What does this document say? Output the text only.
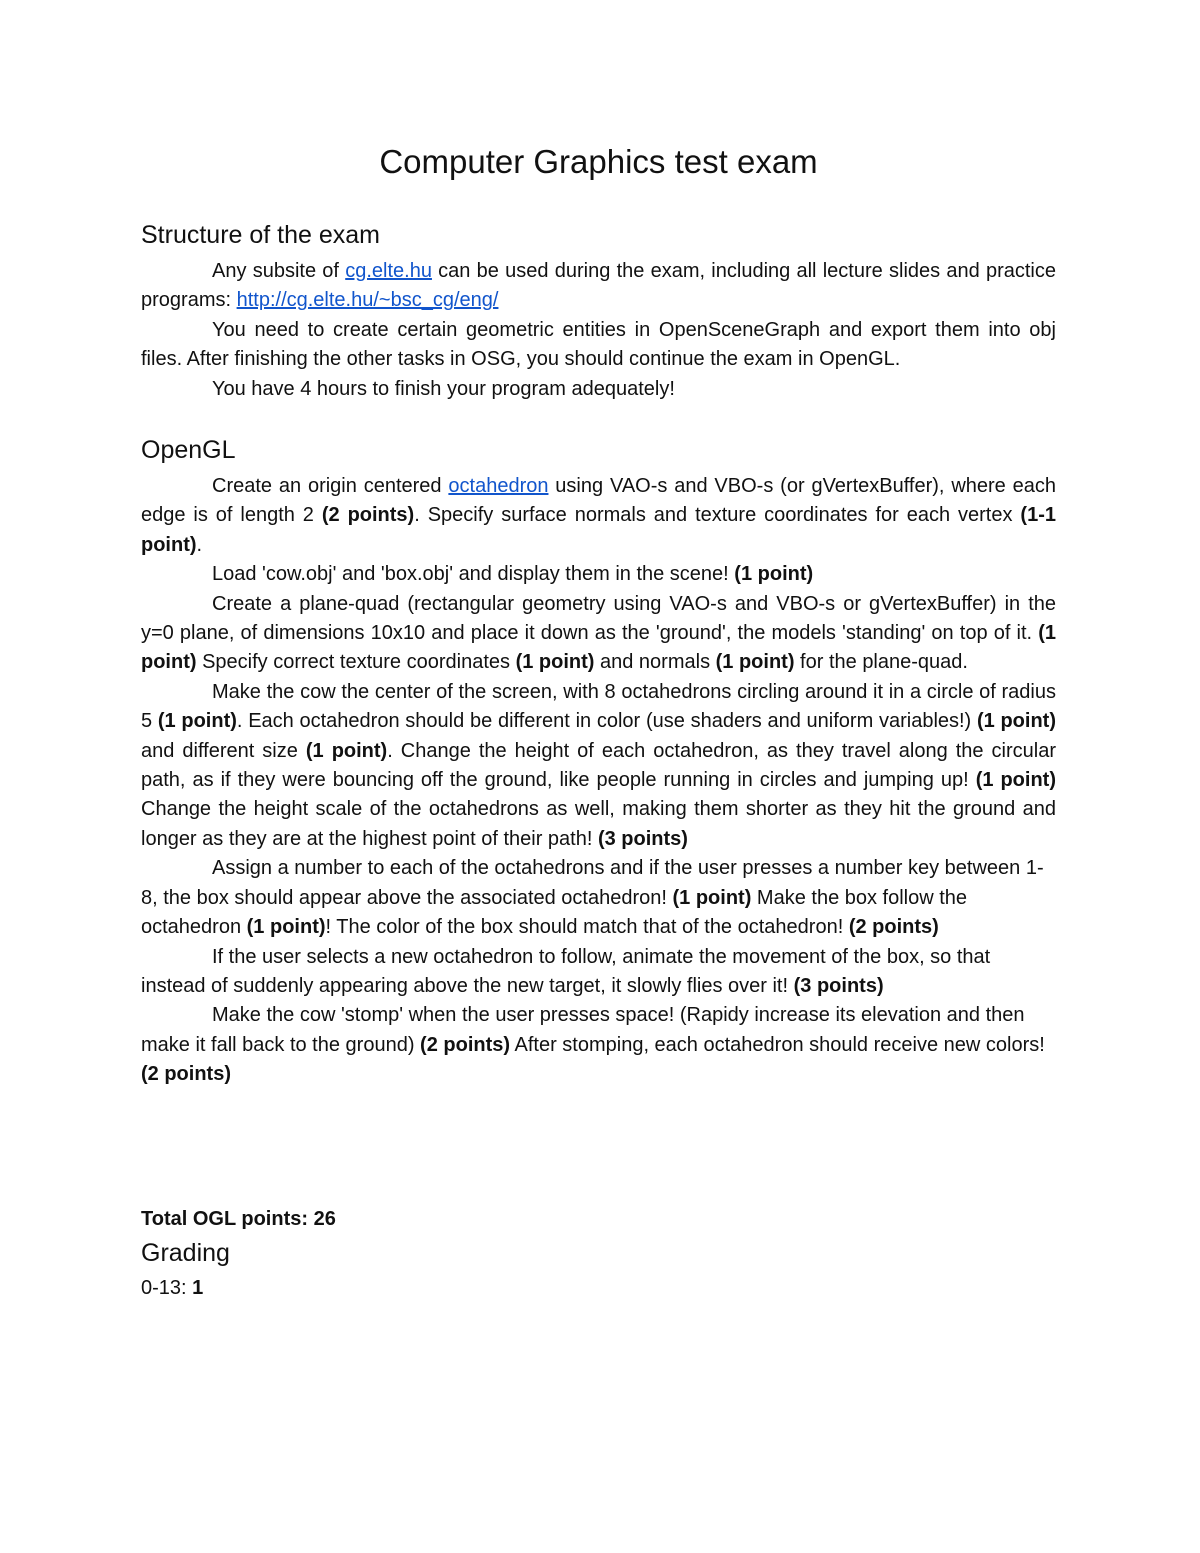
Computer Graphics test exam
Structure of the exam

Any subsite of cg.elte.hu can be used during the exam, including all lecture slides and practice programs: http://cg.elte.hu/~bsc_cg/eng/

You need to create certain geometric entities in OpenSceneGraph and export them into obj files. After finishing the other tasks in OSG, you should continue the exam in OpenGL.

You have 4 hours to finish your program adequately!

OpenGL

Create an origin centered octahedron using VAO-s and VBO-s (or gVertexBuffer), where each edge is of length 2 (2 points). Specify surface normals and texture coordinates for each vertex (1-1 point).

Load 'cow.obj' and 'box.obj' and display them in the scene! (1 point)

Create a plane-quad (rectangular geometry using VAO-s and VBO-s or gVertexBuffer) in the y=0 plane, of dimensions 10x10 and place it down as the 'ground', the models 'standing' on top of it. (1 point) Specify correct texture coordinates (1 point) and normals (1 point) for the plane-quad.

Make the cow the center of the screen, with 8 octahedrons circling around it in a circle of radius 5 (1 point). Each octahedron should be different in color (use shaders and uniform variables!) (1 point) and different size (1 point). Change the height of each octahedron, as they travel along the circular path, as if they were bouncing off the ground, like people running in circles and jumping up! (1 point) Change the height scale of the octahedrons as well, making them shorter as they hit the ground and longer as they are at the highest point of their path! (3 points)

Assign a number to each of the octahedrons and if the user presses a number key between 1-8, the box should appear above the associated octahedron! (1 point) Make the box follow the octahedron (1 point)! The color of the box should match that of the octahedron! (2 points)

If the user selects a new octahedron to follow, animate the movement of the box, so that instead of suddenly appearing above the new target, it slowly flies over it! (3 points)

Make the cow 'stomp' when the user presses space! (Rapidy increase its elevation and then make it fall back to the ground) (2 points) After stomping, each octahedron should receive new colors! (2 points)

Total OGL points: 26

Grading

0-13: 1
